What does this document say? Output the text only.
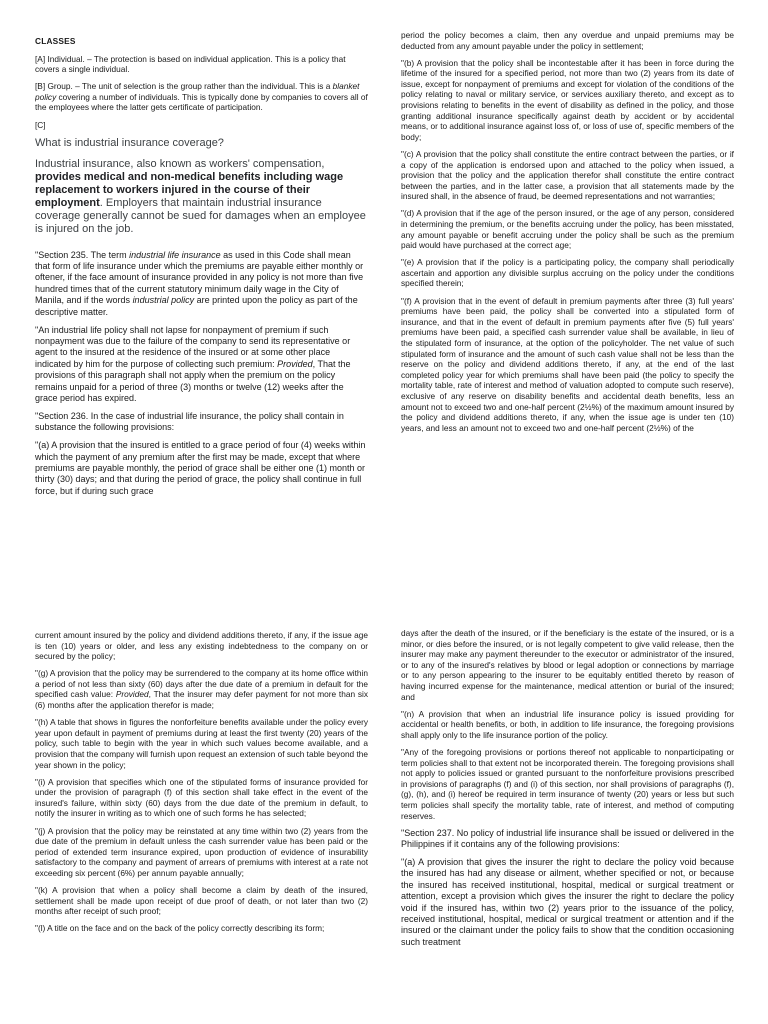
CLASSES

[A] Individual. – The protection is based on individual application. This is a policy that covers a single individual.

[B] Group. – The unit of selection is the group rather than the individual. This is a blanket policy covering a number of individuals. This is typically done by companies to covers all of the employees where the latter gets certificate of participation.

[C]

What is industrial insurance coverage?

Industrial insurance, also known as workers' compensation, provides medical and non-medical benefits including wage replacement to workers injured in the course of their employment. Employers that maintain industrial insurance coverage generally cannot be sued for damages when an employee is injured on the job.

"Section 235. The term industrial life insurance as used in this Code shall mean that form of life insurance under which the premiums are payable either monthly or oftener, if the face amount of insurance provided in any policy is not more than five hundred times that of the current statutory minimum daily wage in the City of Manila, and if the words industrial policy are printed upon the policy as part of the descriptive matter.

"An industrial life policy shall not lapse for nonpayment of premium if such nonpayment was due to the failure of the company to send its representative or agent to the insured at the residence of the insured or at some other place indicated by him for the purpose of collecting such premium: Provided, That the provisions of this paragraph shall not apply when the premium on the policy remains unpaid for a period of three (3) months or twelve (12) weeks after the grace period has expired.

"Section 236. In the case of industrial life insurance, the policy shall contain in substance the following provisions:

"(a) A provision that the insured is entitled to a grace period of four (4) weeks within which the payment of any premium after the first may be made, except that where premiums are payable monthly, the period of grace shall be either one (1) month or thirty (30) days; and that during the period of grace, the policy shall continue in full force, but if during such grace

period the policy becomes a claim, then any overdue and unpaid premiums may be deducted from any amount payable under the policy in settlement;

"(b) A provision that the policy shall be incontestable after it has been in force during the lifetime of the insured for a specified period, not more than two (2) years from its date of issue, except for nonpayment of premiums and except for violation of the conditions of the policy relating to naval or military service, or services auxiliary thereto, and except as to provisions relating to benefits in the event of disability as defined in the policy, and those granting additional insurance specifically against death by accident or by accidental means, or to additional insurance against loss of, or loss of use of, specific members of the body;

"(c) A provision that the policy shall constitute the entire contract between the parties, or if a copy of the application is endorsed upon and attached to the policy when issued, a provision that the policy and the application therefor shall constitute the entire contract between the parties, and in the latter case, a provision that all statements made by the insured shall, in the absence of fraud, be deemed representations and not warranties;

"(d) A provision that if the age of the person insured, or the age of any person, considered in determining the premium, or the benefits accruing under the policy, has been misstated, any amount payable or benefit accruing under the policy shall be such as the premium paid would have purchased at the correct age;

"(e) A provision that if the policy is a participating policy, the company shall periodically ascertain and apportion any divisible surplus accruing on the policy under the conditions specified therein;

"(f) A provision that in the event of default in premium payments after three (3) full years' premiums have been paid, the policy shall be converted into a stipulated form of insurance, and that in the event of default in premium payments after five (5) full years' premiums have been paid, a specified cash surrender value shall be available, in lieu of the stipulated form of insurance, at the option of the policyholder. The net value of such stipulated form of insurance and the amount of such cash value shall not be less than the reserve on the policy and dividend additions thereto, if any, at the end of the last completed policy year for which premiums shall have been paid (the policy to specify the mortality table, rate of interest and method of valuation adopted to compute such reserve), exclusive of any reserve on disability benefits and accidental death benefits, less an amount not to exceed two and one-half percent (2½%) of the maximum amount insured by the policy and dividend additions thereto, if any, when the issue age is under ten (10) years, and less an amount not to exceed two and one-half percent (2½%) of the

current amount insured by the policy and dividend additions thereto, if any, if the issue age is ten (10) years or older, and less any existing indebtedness to the company on or secured by the policy;

"(g) A provision that the policy may be surrendered to the company at its home office within a period of not less than sixty (60) days after the due date of a premium in default for the specified cash value: Provided, That the insurer may defer payment for not more than six (6) months after the application therefor is made;

"(h) A table that shows in figures the nonforfeiture benefits available under the policy every year upon default in payment of premiums during at least the first twenty (20) years of the policy, such table to begin with the year in which such values become available, and a provision that the company will furnish upon request an extension of such table beyond the year shown in the policy;

"(i) A provision that specifies which one of the stipulated forms of insurance provided for under the provision of paragraph (f) of this section shall take effect in the event of the insured's failure, within sixty (60) days from the due date of the premium in default, to notify the insurer in writing as to which one of such forms he has selected;

"(j) A provision that the policy may be reinstated at any time within two (2) years from the due date of the premium in default unless the cash surrender value has been paid or the period of extended term insurance expired, upon production of evidence of insurability satisfactory to the company and payment of arrears of premiums with interest at a rate not exceeding six percent (6%) per annum payable annually;

"(k) A provision that when a policy shall become a claim by death of the insured, settlement shall be made upon receipt of due proof of death, or not later than two (2) months after receipt of such proof;

"(l) A title on the face and on the back of the policy correctly describing its form;

days after the death of the insured, or if the beneficiary is the estate of the insured, or is a minor, or dies before the insured, or is not legally competent to give valid release, then the insurer may make any payment thereunder to the executor or administrator of the insured, or to any of the insured's relatives by blood or legal adoption or connections by marriage or to any person appearing to the insurer to be equitably entitled thereto by reason of having incurred expense for the maintenance, medical attention or burial of the insured; and

"(n) A provision that when an industrial life insurance policy is issued providing for accidental or health benefits, or both, in addition to life insurance, the foregoing provisions shall apply only to the life insurance portion of the policy.

"Any of the foregoing provisions or portions thereof not applicable to nonparticipating or term policies shall to that extent not be incorporated therein. The foregoing provisions shall not apply to policies issued or granted pursuant to the nonforfeiture provisions prescribed in provisions of paragraphs (f) and (i) of this section, nor shall provisions of paragraphs (f), (g), (h), and (i) hereof be required in term insurance of twenty (20) years or less but such term policies shall specify the mortality table, rate of interest, and method of computing reserves.

"Section 237. No policy of industrial life insurance shall be issued or delivered in the Philippines if it contains any of the following provisions:

"(a) A provision that gives the insurer the right to declare the policy void because the insured has had any disease or ailment, whether specified or not, or because the insured has received institutional, hospital, medical or surgical treatment or attention, except a provision which gives the insurer the right to declare the policy void if the insured has, within two (2) years prior to the issuance of the policy, received institutional, hospital, medical or surgical treatment or attention and if the insured or the claimant under the policy fails to show that the condition occasioning such treatment
